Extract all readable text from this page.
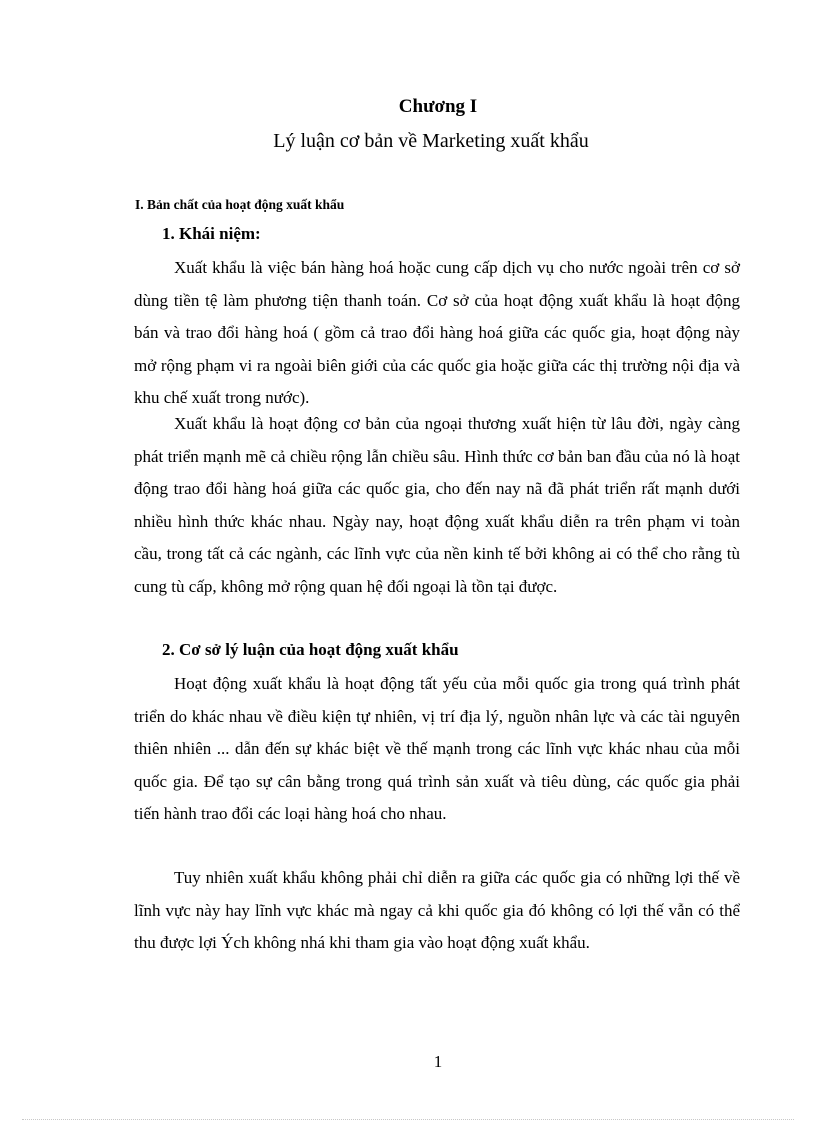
Chương I
Lý luận cơ bản về Marketing xuất khẩu
I. Bản chất của hoạt động xuất khẩu
1. Khái niệm:

Xuất khẩu là việc bán hàng hoá hoặc cung cấp dịch vụ cho nước ngoài trên cơ sở dùng tiền tệ làm phương tiện thanh toán. Cơ sở của hoạt động xuất khẩu là hoạt động bán và trao đổi hàng hoá ( gồm cả trao đổi hàng hoá giữa các quốc gia, hoạt động này mở rộng phạm vi ra ngoài biên giới của các quốc gia hoặc giữa các thị trường nội địa và khu chế xuất trong nước).

Xuất khẩu là hoạt động cơ bản của ngoại thương xuất hiện từ lâu đời, ngày càng phát triển mạnh mẽ cả chiều rộng lẫn chiều sâu. Hình thức cơ bản ban đầu của nó là hoạt động trao đổi hàng hoá giữa các quốc gia, cho đến nay nã đã phát triển rất mạnh dưới nhiều hình thức khác nhau. Ngày nay, hoạt động xuất khẩu diễn ra trên phạm vi toàn cầu, trong tất cả các ngành, các lĩnh vực của nền kinh tế bởi không ai có thể cho rằng tù cung tù cấp, không mở rộng quan hệ đối ngoại là tồn tại được.

2. Cơ sở lý luận của hoạt động xuất khẩu

Hoạt động xuất khẩu là hoạt động tất yếu của mỗi quốc gia trong quá trình phát triển do khác nhau về điều kiện tự nhiên, vị trí địa lý, nguồn nhân lực và các tài nguyên thiên nhiên ... dẫn đến sự khác biệt về thế mạnh trong các lĩnh vực khác nhau của mỗi quốc gia. Để tạo sự cân bằng trong quá trình sản xuất và tiêu dùng, các quốc gia phải tiến hành trao đổi các loại hàng hoá cho nhau.

Tuy nhiên xuất khẩu không phải chỉ diễn ra giữa các quốc gia có những lợi thế về lĩnh vực này hay lĩnh vực khác mà ngay cả khi quốc gia đó không có lợi thế vẫn có thể thu được lợi Ých không nhá khi tham gia vào hoạt động xuất khẩu.

1
